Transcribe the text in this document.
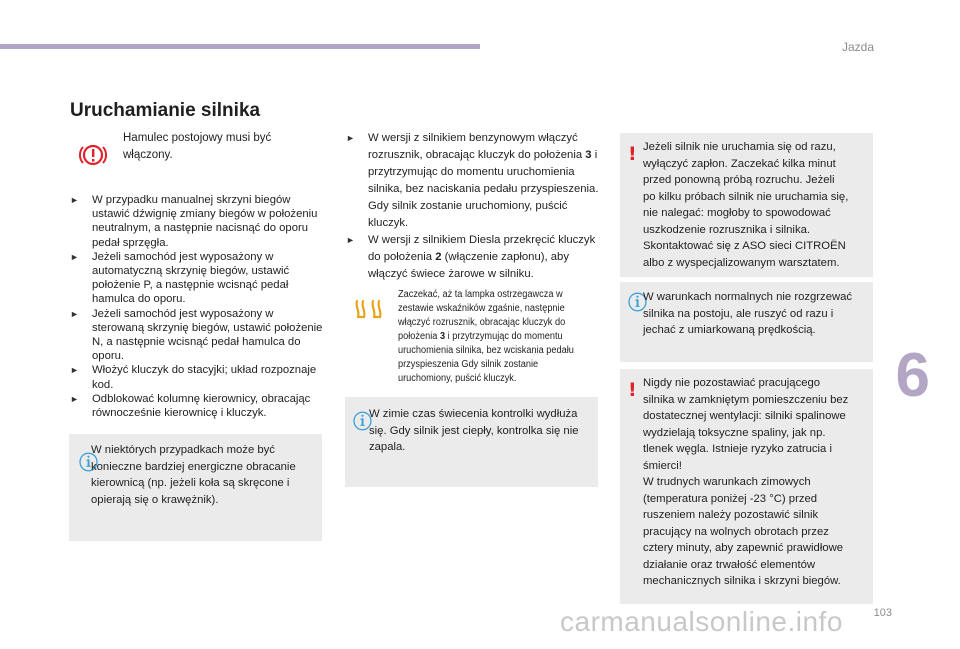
Jazda
6
103
carmanualsonline.info
Uruchamianie silnika
Hamulec postojowy musi być
włączony.
► W przypadku manualnej skrzyni biegów ustawić dźwignię zmiany biegów w położeniu neutralnym, a następnie nacisnąć do oporu pedał sprzęgła.
► Jeżeli samochód jest wyposażony w automatyczną skrzynię biegów, ustawić położenie P, a następnie wcisnąć pedał hamulca do oporu.
► Jeżeli samochód jest wyposażony w sterowaną skrzynię biegów, ustawić położenie N, a następnie wcisnąć pedał hamulca do oporu.
► Włożyć kluczyk do stacyjki; układ rozpoznaje kod.
► Odblokować kolumnę kierownicy, obracając równocześnie kierownicę i kluczyk.
ⓘ
W niektórych przypadkach może być
konieczne bardziej energiczne obracanie
kierownicą (np. jeżeli koła są skręcone i
opierają się o krawężnik).
► W wersji z silnikiem benzynowym włączyć rozrusznik, obracając kluczyk do położenia 3 i przytrzymując do momentu uruchomienia silnika, bez naciskania pedału przyspieszenia. Gdy silnik zostanie uruchomiony, puścić kluczyk.
► W wersji z silnikiem Diesla przekręcić kluczyk do położenia 2 (włączenie zapłonu), aby włączyć świece żarowe w silniku.
Zaczekać, aż ta lampka ostrzegawcza w zestawie wskaźników zgaśnie, następnie włączyć rozrusznik, obracając kluczyk do położenia 3 i przytrzymując do momentu uruchomienia silnika, bez wciskania pedału przyspieszenia Gdy silnik zostanie uruchomiony, puścić kluczyk.
ⓘ
W zimie czas świecenia kontrolki wydłuża
się. Gdy silnik jest ciepły, kontrolka się nie
zapala.
! Jeżeli silnik nie uruchamia się od razu,
wyłączyć zapłon. Zaczekać kilka minut
przed ponowną próbą rozruchu. Jeżeli
po kilku próbach silnik nie uruchamia się,
nie nalegać: mogłoby to spowodować
uszkodzenie rozrusznika i silnika.
Skontaktować się z ASO sieci CITROËN
albo z wyspecjalizowanym warsztatem.
ⓘ
W warunkach normalnych nie rozgrzewać
silnika na postoju, ale ruszyć od razu i
jechać z umiarkowaną prędkością.
! Nigdy nie pozostawiać pracującego
silnika w zamkniętym pomieszczeniu bez
dostatecznej wentylacji: silniki spalinowe
wydzielają toksyczne spaliny, jak np.
tlenek węgla. Istnieje ryzyko zatrucia i
śmierci!
W trudnych warunkach zimowych
(temperatura poniżej -23 °C) przed
ruszeniem należy pozostawić silnik
pracujący na wolnych obrotach przez
cztery minuty, aby zapewnić prawidłowe
działanie oraz trwałość elementów
mechanicznych silnika i skrzyni biegów.
